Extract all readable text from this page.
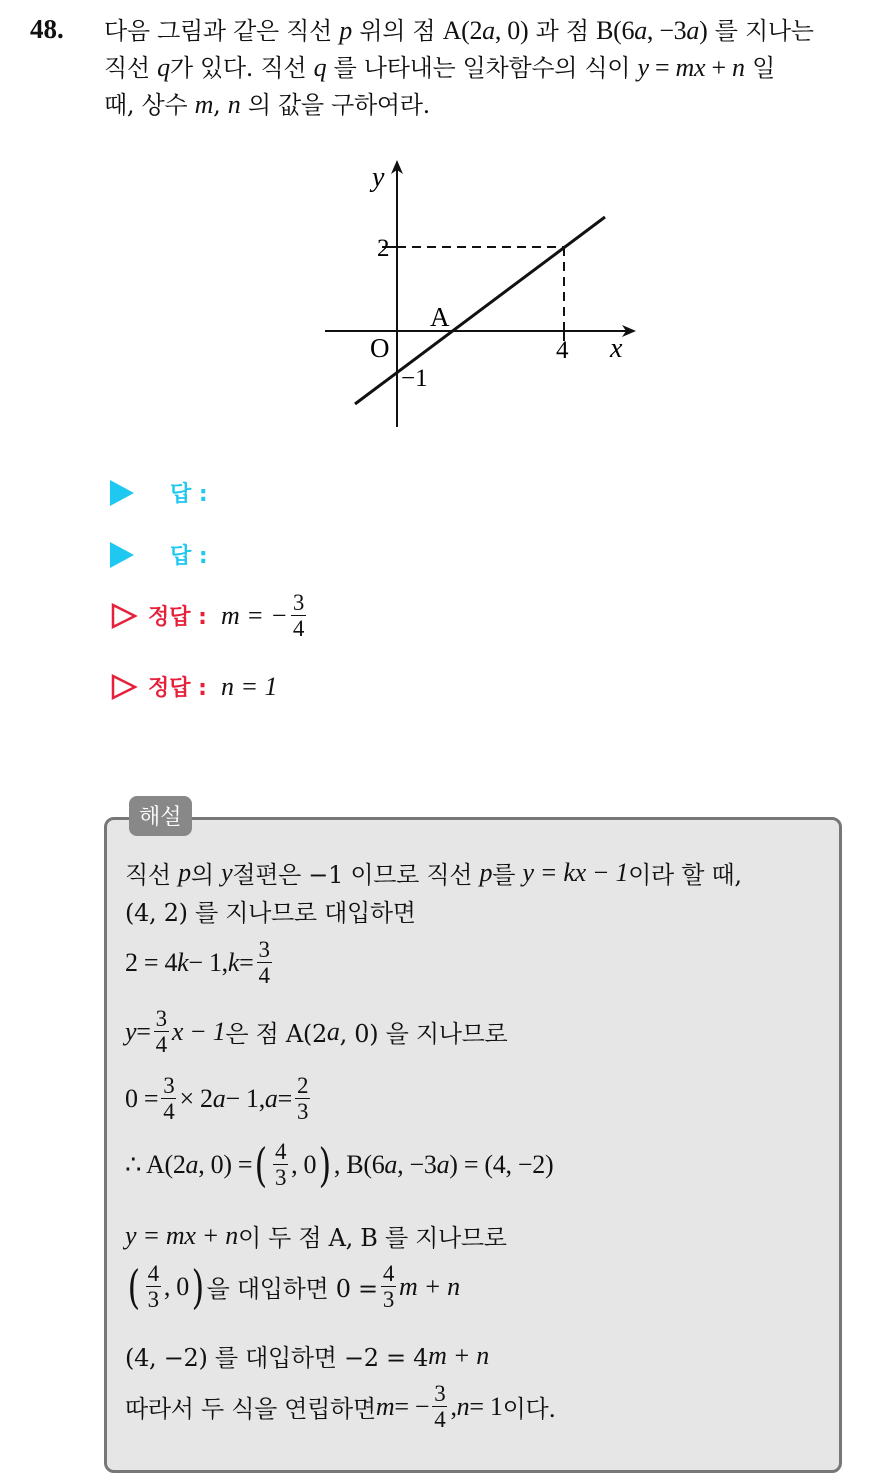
48. 다음 그림과 같은 직선 p 위의 점 A(2a, 0) 과 점 B(6a, −3a) 를 지나는
직선 q가 있다. 직선 q 를 나타내는 일차함수의 식이 y = mx + n 일
때, 상수 m, n 의 값을 구하여라.
y
x
O
A
2
4
−1
답 :
답 :
정답 : m = − $\frac{3}{4}$
정답 : n = 1
해설
직선
p 의
y 절편은 −1 이므로 직선
p 를
y = kx − 1 이라 할 때,
(4, 2) 를 지나므로 대입하면
2 = 4 k − 1, $k = \frac{3}{4}$
$y = \frac{3}{4}$ x − 1 은 점 A(2 a , 0) 을 지나므로
$0 = \frac{3}{4} \times 2$ a − 1, $a = \frac{2}{3}$
∴ A(2 a , 0) = ( $\frac{4}{3}$ , 0 ) , B(6 a , −3 a ) = (4, −2)
y = mx + n 이 두 점 A, B 를 지나므로
( $\frac{4}{3}$ , 0 ) 을 대입하면 $0 = \frac{4}{3}$ m + n
(4, −2) 를 대입하면 −2 = 4 m + n
따라서 두 식을 연립하면 m = − $\frac{3}{4}$ , n = 1 이다.
